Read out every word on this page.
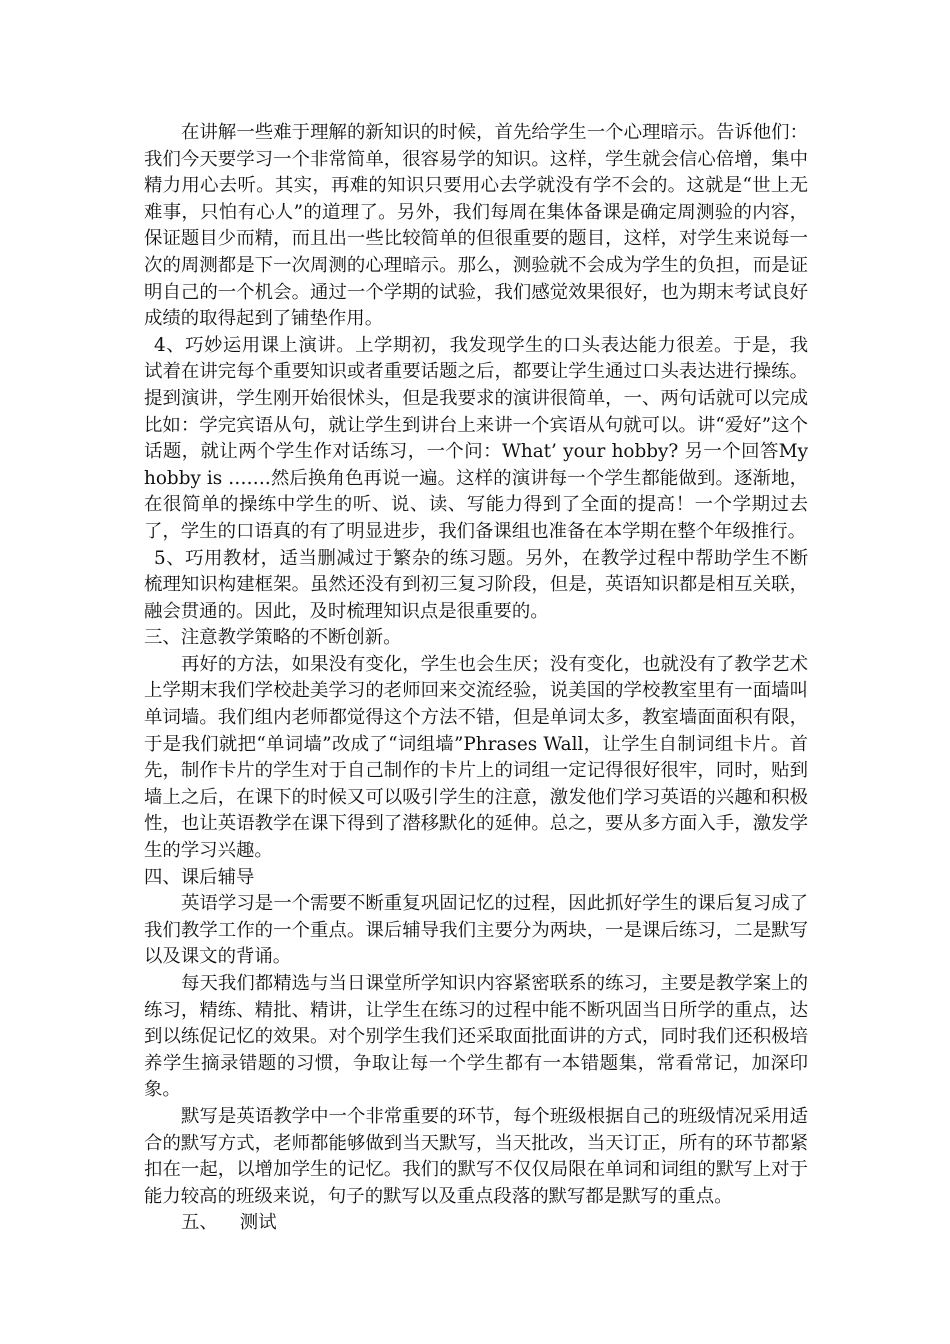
在讲解一些难于理解的新知识的时候，首先给学生一个心理暗示。告诉他们：我们今天要学习一个非常简单，很容易学的知识。这样，学生就会信心倍增，集中精力用心去听。其实，再难的知识只要用心去学就没有学不会的。这就是“世上无难事，只怕有心人”的道理了。另外，我们每周在集体备课是确定周测验的内容，保证题目少而精，而且出一些比较简单的但很重要的题目，这样，对学生来说每一次的周测都是下一次周测的心理暗示。那么，测验就不会成为学生的负担，而是证明自己的一个机会。通过一个学期的试验，我们感觉效果很好，也为期末考试良好成绩的取得起到了铺垫作用。

4、巧妙运用课上演讲。上学期初，我发现学生的口头表达能力很差。于是，我试着在讲完每个重要知识或者重要话题之后，都要让学生通过口头表达进行操练。提到演讲，学生刚开始很怵头，但是我要求的演讲很简单，一、两句话就可以完成比如：学完宾语从句，就让学生到讲台上来讲一个宾语从句就可以。讲“爱好”这个话题，就让两个学生作对话练习，一个问：What’ your hobby? 另一个回答My hobby is …….然后换角色再说一遍。这样的演讲每一个学生都能做到。逐渐地，在很简单的操练中学生的听、说、读、写能力得到了全面的提高！一个学期过去了，学生的口语真的有了明显进步，我们备课组也准备在本学期在整个年级推行。

5、巧用教材，适当删减过于繁杂的练习题。另外，在教学过程中帮助学生不断梳理知识构建框架。虽然还没有到初三复习阶段，但是，英语知识都是相互关联，融会贯通的。因此，及时梳理知识点是很重要的。

三、注意教学策略的不断创新。

再好的方法，如果没有变化，学生也会生厌；没有变化，也就没有了教学艺术上学期末我们学校赴美学习的老师回来交流经验，说美国的学校教室里有一面墙叫单词墙。我们组内老师都觉得这个方法不错，但是单词太多，教室墙面面积有限，于是我们就把“单词墙”改成了“词组墙”Phrases Wall，让学生自制词组卡片。首先，制作卡片的学生对于自己制作的卡片上的词组一定记得很好很牢，同时，贴到墙上之后，在课下的时候又可以吸引学生的注意，激发他们学习英语的兴趣和积极性，也让英语教学在课下得到了潜移默化的延伸。总之，要从多方面入手，激发学生的学习兴趣。

四、课后辅导

英语学习是一个需要不断重复巩固记忆的过程，因此抓好学生的课后复习成了我们教学工作的一个重点。课后辅导我们主要分为两块，一是课后练习，二是默写以及课文的背诵。

每天我们都精选与当日课堂所学知识内容紧密联系的练习，主要是教学案上的练习，精练、精批、精讲，让学生在练习的过程中能不断巩固当日所学的重点，达到以练促记忆的效果。对个别学生我们还采取面批面讲的方式，同时我们还积极培养学生摘录错题的习惯，争取让每一个学生都有一本错题集，常看常记，加深印象。

默写是英语教学中一个非常重要的环节，每个班级根据自己的班级情况采用适合的默写方式，老师都能够做到当天默写，当天批改，当天订正，所有的环节都紧扣在一起，以增加学生的记忆。我们的默写不仅仅局限在单词和词组的默写上对于能力较高的班级来说，句子的默写以及重点段落的默写都是默写的重点。

五、 测试
